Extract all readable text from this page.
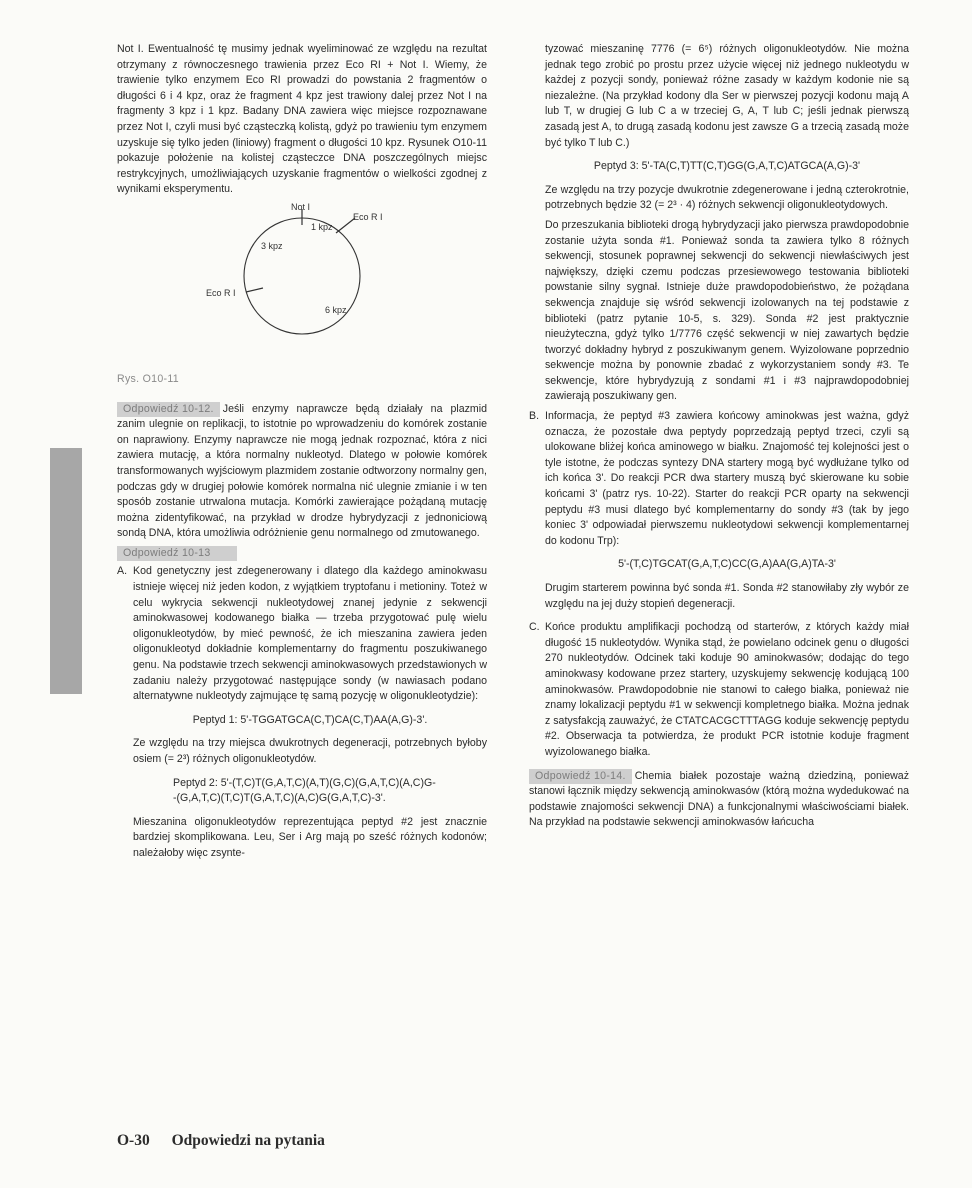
Not I. Ewentualność tę musimy jednak wyeliminować ze względu na rezultat otrzymany z równoczesnego trawienia przez Eco RI + Not I. Wiemy, że trawienie tylko enzymem Eco RI prowadzi do powstania 2 fragmentów o długości 6 i 4 kpz, oraz że fragment 4 kpz jest trawiony dalej przez Not I na fragmenty 3 kpz i 1 kpz. Badany DNA zawiera więc miejsce rozpoznawane przez Not I, czyli musi być cząsteczką kolistą, gdyż po trawieniu tym enzymem uzyskuje się tylko jeden (liniowy) fragment o długości 10 kpz. Rysunek O10-11 pokazuje położenie na kolistej cząsteczce DNA poszczególnych miejsc restrykcyjnych, umożliwiających uzyskanie fragmentów o wielkości zgodnej z wynikami eksperymentu.

Not I
1 kpz
Eco R I
3 kpz
Eco R I
6 kpz
Rys. O10-11

Odpowiedź 10-12. Jeśli enzymy naprawcze będą działały na plazmid zanim ulegnie on replikacji, to istotnie po wprowadzeniu do komórek zostanie on naprawiony. Enzymy naprawcze nie mogą jednak rozpoznać, która z nici zawiera mutację, a która normalny nukleotyd. Dlatego w połowie komórek transformowanych wyjściowym plazmidem zostanie odtworzony normalny gen, podczas gdy w drugiej połowie komórek normalna nić ulegnie zmianie i w ten sposób zostanie utrwalona mutacja. Komórki zawierające pożądaną mutację można zidentyfikować, na przykład w drodze hybrydyzacji z jednoniciową sondą DNA, która umożliwia odróżnienie genu normalnego od zmutowanego.

Odpowiedź 10-13
A. Kod genetyczny jest zdegenerowany i dlatego dla każdego aminokwasu istnieje więcej niż jeden kodon, z wyjątkiem tryptofanu i metioniny. Toteż w celu wykrycia sekwencji nukleotydowej znanej jedynie z sekwencji aminokwasowej kodowanego białka — trzeba przygotować pulę wielu oligonukleotydów, by mieć pewność, że ich mieszanina zawiera jeden oligonukleotyd dokładnie komplementarny do fragmentu poszukiwanego genu. Na podstawie trzech sekwencji aminokwasowych przedstawionych w zadaniu należy przygotować następujące sondy (w nawiasach podano alternatywne nukleotydy zajmujące tę samą pozycję w oligonukleotydzie):

Peptyd 1: 5'-TGGATGCA(C,T)CA(C,T)AA(A,G)-3'.

Ze względu na trzy miejsca dwukrotnych degeneracji, potrzebnych byłoby osiem (= 2³) różnych oligonukleotydów.

Peptyd 2: 5'-(T,C)T(G,A,T,C)(A,T)(G,C)(G,A,T,C)(A,C)G-

-(G,A,T,C)(T,C)T(G,A,T,C)(A,C)G(G,A,T,C)-3'.

Mieszanina oligonukleotydów reprezentująca peptyd #2 jest znacznie bardziej skomplikowana. Leu, Ser i Arg mają po sześć różnych kodonów; należałoby więc zsynte-

tyzować mieszaninę 7776 (= 6⁵) różnych oligonukleotydów. Nie można jednak tego zrobić po prostu przez użycie więcej niż jednego nukleotydu w każdej z pozycji sondy, ponieważ różne zasady w każdym kodonie nie są niezależne. (Na przykład kodony dla Ser w pierwszej pozycji kodonu mają A lub T, w drugiej G lub C a w trzeciej G, A, T lub C; jeśli jednak pierwszą zasadą jest A, to drugą zasadą kodonu jest zawsze G a trzecią zasadą może być tylko T lub C.)

Peptyd 3: 5'-TA(C,T)TT(C,T)GG(G,A,T,C)ATGCA(A,G)-3'

Ze względu na trzy pozycje dwukrotnie zdegenerowane i jedną czterokrotnie, potrzebnych będzie 32 (= 2³ · 4) różnych sekwencji oligonukleotydowych.

Do przeszukania biblioteki drogą hybrydyzacji jako pierwsza prawdopodobnie zostanie użyta sonda #1. Ponieważ sonda ta zawiera tylko 8 różnych sekwencji, stosunek poprawnej sekwencji do sekwencji niewłaściwych jest największy, dzięki czemu podczas przesiewowego testowania biblioteki powstanie silny sygnał. Istnieje duże prawdopodobieństwo, że pożądana sekwencja znajduje się wśród sekwencji izolowanych na tej podstawie z biblioteki (patrz pytanie 10-5, s. 329). Sonda #2 jest praktycznie nieużyteczna, gdyż tylko 1/7776 część sekwencji w niej zawartych będzie tworzyć dokładny hybryd z poszukiwanym genem. Wyizolowane poprzednio sekwencje można by ponownie zbadać z wykorzystaniem sondy #3. Te sekwencje, które hybrydyzują z sondami #1 i #3 najprawdopodobniej zawierają poszukiwany gen.

B. Informacja, że peptyd #3 zawiera końcowy aminokwas jest ważna, gdyż oznacza, że pozostałe dwa peptydy poprzedzają peptyd trzeci, czyli są ulokowane bliżej końca aminowego w białku. Znajomość tej kolejności jest o tyle istotne, że podczas syntezy DNA startery mogą być wydłużane tylko od ich końca 3'. Do reakcji PCR dwa startery muszą być skierowane ku sobie końcami 3' (patrz rys. 10-22). Starter do reakcji PCR oparty na sekwencji peptydu #3 musi dlatego być komplementarny do sondy #3 (tak by jego koniec 3' odpowiadał pierwszemu nukleotydowi sekwencji komplementarnej do kodonu Trp):

5'-(T,C)TGCAT(G,A,T,C)CC(G,A)AA(G,A)TA-3'

Drugim starterem powinna być sonda #1. Sonda #2 stanowiłaby zły wybór ze względu na jej duży stopień degeneracji.

C. Końce produktu amplifikacji pochodzą od starterów, z których każdy miał długość 15 nukleotydów. Wynika stąd, że powielano odcinek genu o długości 270 nukleotydów. Odcinek taki koduje 90 aminokwasów; dodając do tego aminokwasy kodowane przez startery, uzyskujemy sekwencję kodującą 100 aminokwasów. Prawdopodobnie nie stanowi to całego białka, ponieważ nie znamy lokalizacji peptydu #1 w sekwencji kompletnego białka. Można jednak z satysfakcją zauważyć, że CTATCACGCTTTAGG koduje sekwencję peptydu #2. Obserwacja ta potwierdza, że produkt PCR istotnie koduje fragment wyizolowanego białka.

Odpowiedź 10-14. Chemia białek pozostaje ważną dziedziną, ponieważ stanowi łącznik między sekwencją aminokwasów (którą można wydedukować na podstawie znajomości sekwencji DNA) a funkcjonalnymi właściwościami białek. Na przykład na podstawie sekwencji aminokwasów łańcucha

O-30 Odpowiedzi na pytania
